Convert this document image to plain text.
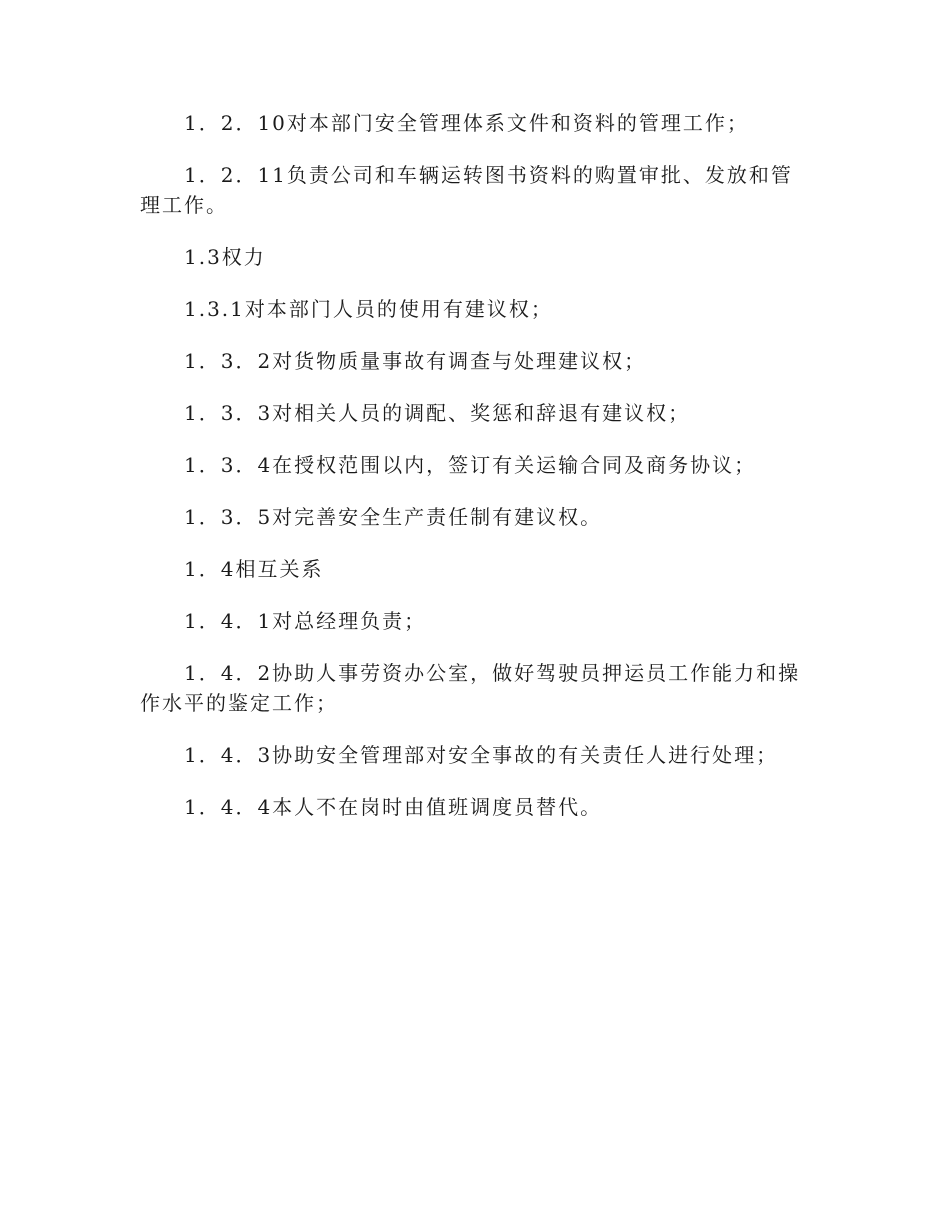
1．2．10对本部门安全管理体系文件和资料的管理工作；

1．2．11负责公司和车辆运转图书资料的购置审批、发放和管理工作。

1.3权力

1.3.1对本部门人员的使用有建议权；

1．3．2对货物质量事故有调查与处理建议权；

1．3．3对相关人员的调配、奖惩和辞退有建议权；

1．3．4在授权范围以内，签订有关运输合同及商务协议；

1．3．5对完善安全生产责任制有建议权。

1．4相互关系

1．4．1对总经理负责；

1．4．2协助人事劳资办公室，做好驾驶员押运员工作能力和操作水平的鉴定工作；

1．4．3协助安全管理部对安全事故的有关责任人进行处理；

1．4．4本人不在岗时由值班调度员替代。
